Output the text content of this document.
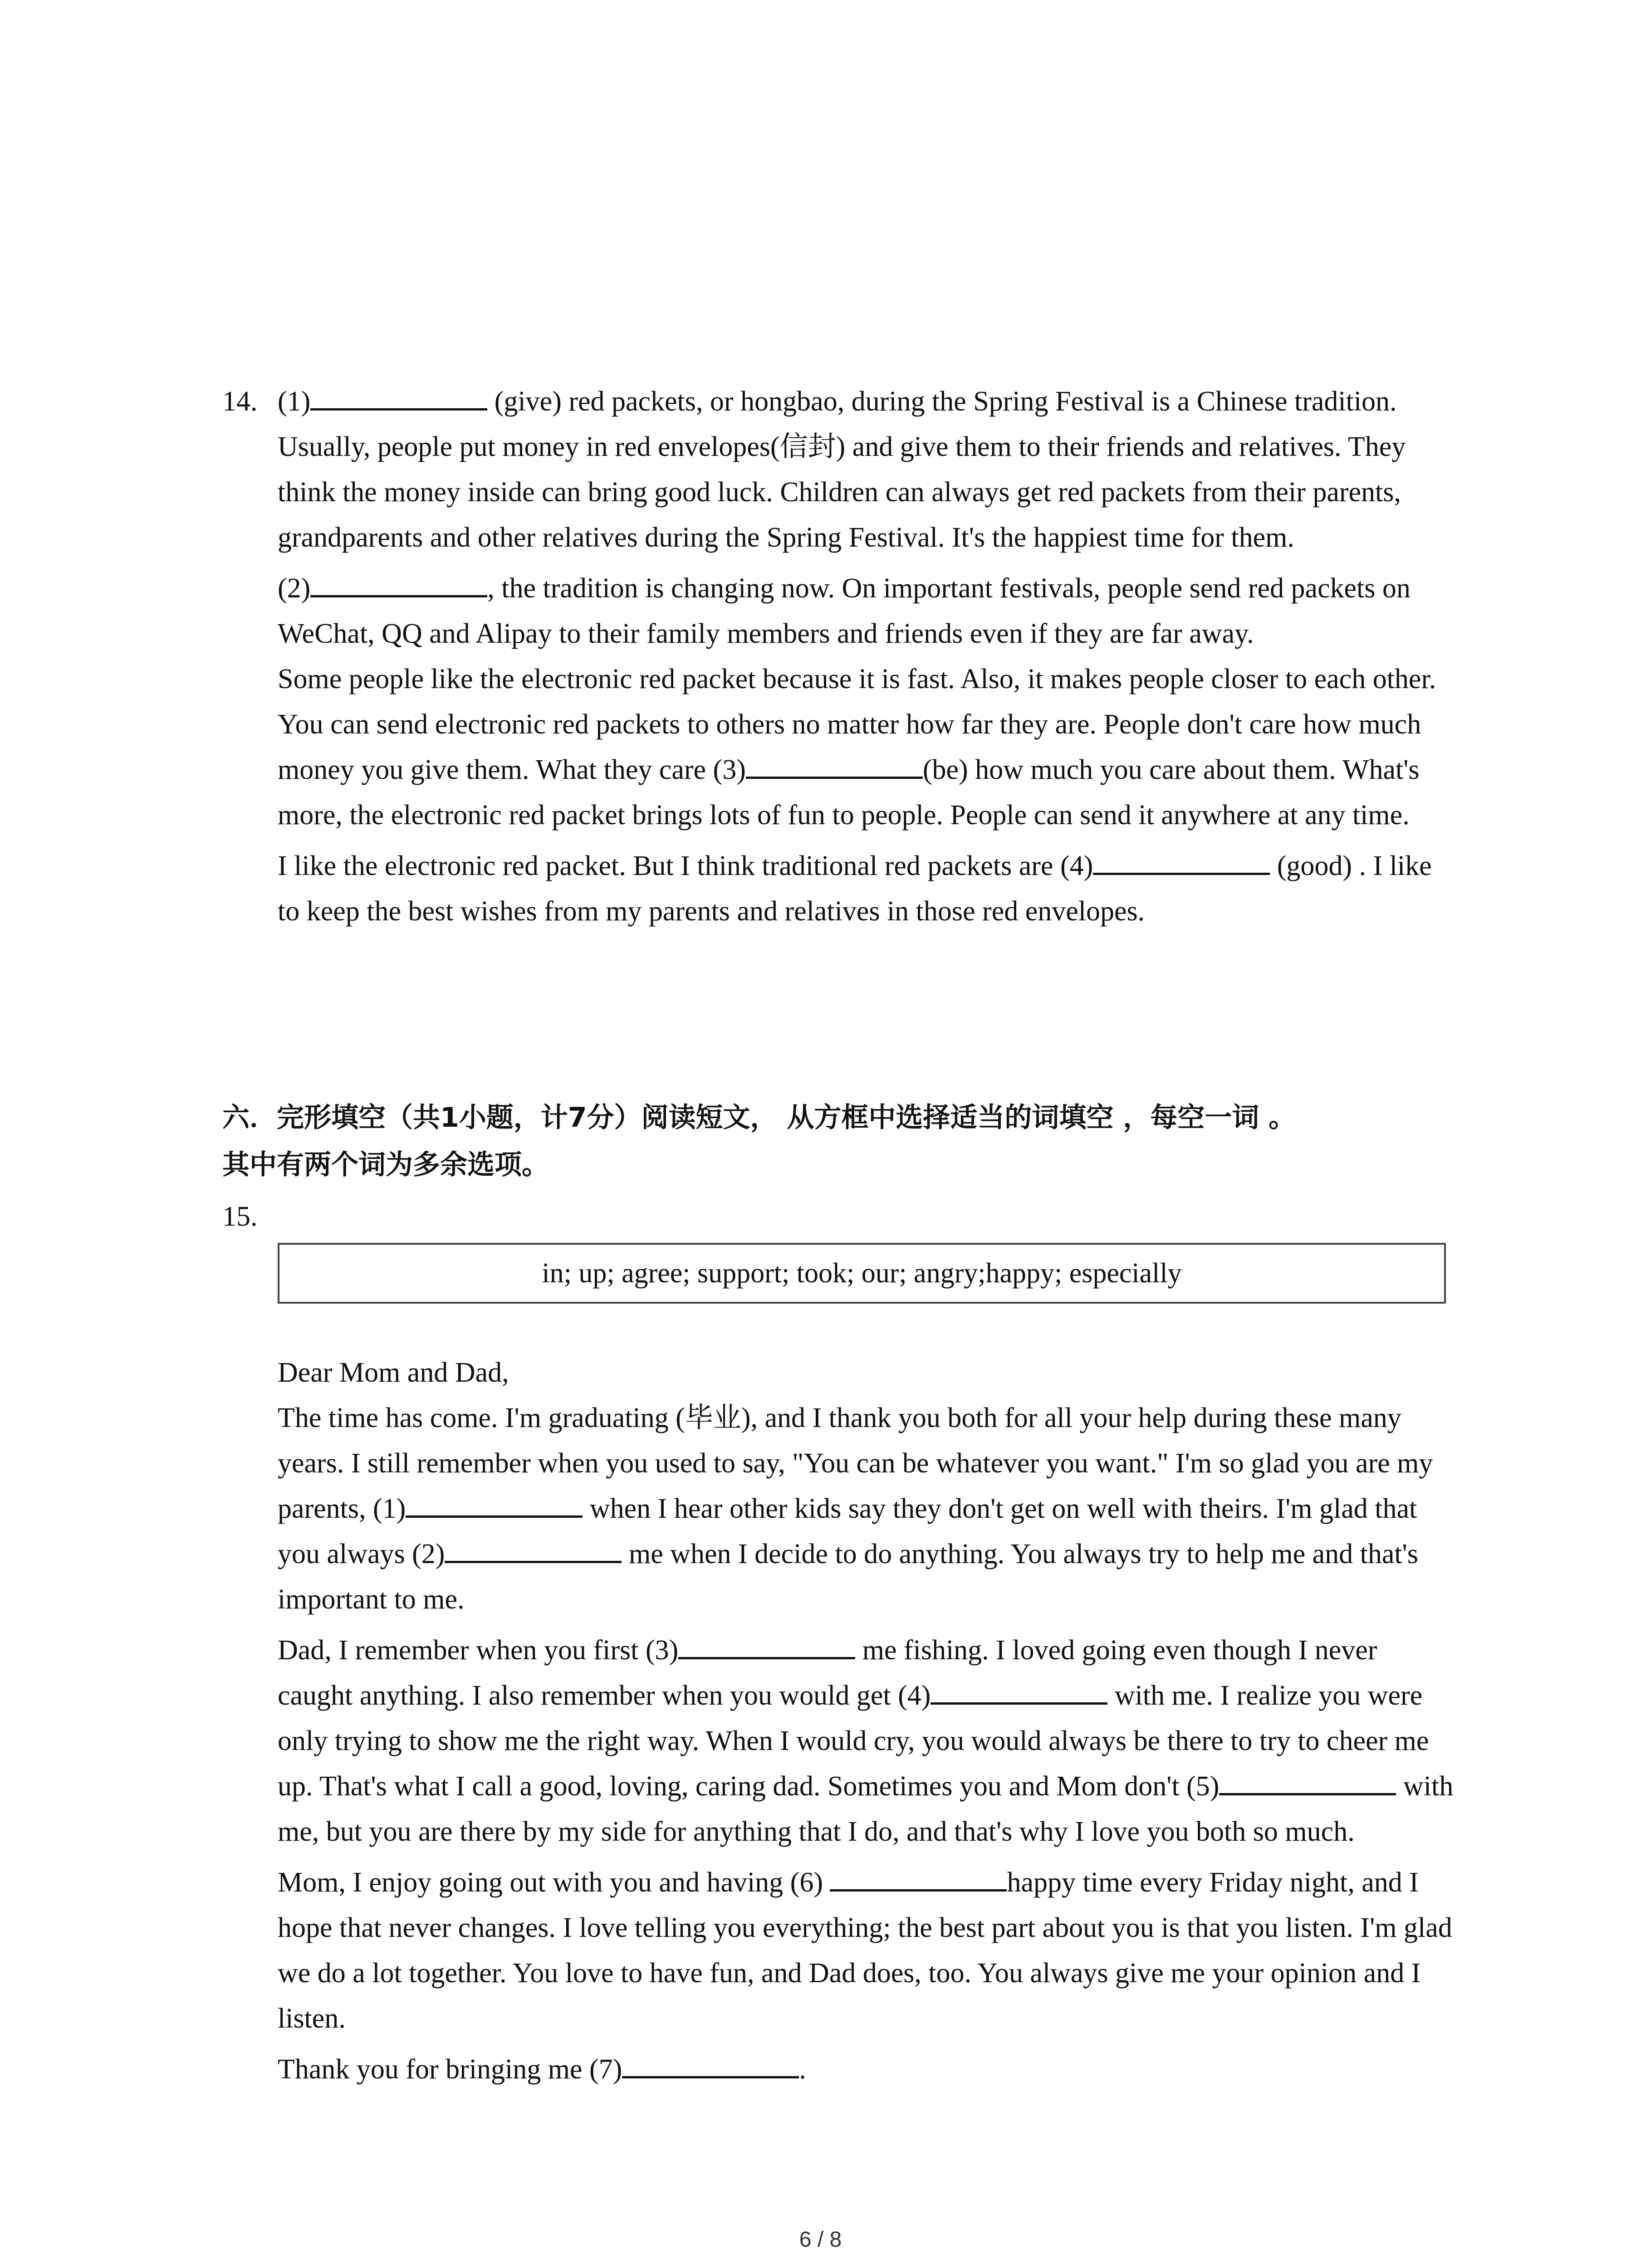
14. (1)	(give) red packets, or hongbao, during the Spring Festival is a Chinese tradition. Usually, people put money in red envelopes(信封) and give them to their friends and relatives. They think the money inside can bring good luck. Children can always get red packets from their parents, grandparents and other relatives during the Spring Festival. It's the happiest time for them.

(2)	, the tradition is changing now. On important festivals, people send red packets on WeChat, QQ and Alipay to their family members and friends even if they are far away.

Some people like the electronic red packet because it is fast. Also, it makes people closer to each other. You can send electronic red packets to others no matter how far they are. People don't care how much money you give them. What they care (3)	(be) how much you care about them. What's more, the electronic red packet brings lots of fun to people. People can send it anywhere at any time.

I like the electronic red packet. But I think traditional red packets are (4)	(good) . I like to keep the best wishes from my parents and relatives in those red envelopes.

六．完形填空（共1小题，计7分）阅读短文， 从方框中选择适当的词填空 ，每空一词 。
其中有两个词为多余选项。
15.
in; up; agree; support; took; our; angry;happy; especially

Dear Mom and Dad,

The time has come. I'm graduating (毕业), and I thank you both for all your help during these many years. I still remember when you used to say, "You can be whatever you want." I'm so glad you are my parents, (1)	when I hear other kids say they don't get on well with theirs. I'm glad that you always (2)	me when I decide to do anything. You always try to help me and that's important to me.

Dad, I remember when you first (3)	me fishing. I loved going even though I never caught anything. I also remember when you would get (4)	with me. I realize you were only trying to show me the right way. When I would cry, you would always be there to try to cheer me up. That's what I call a good, loving, caring dad. Sometimes you and Mom don't (5)	with me, but you are there by my side for anything that I do, and that's why I love you both so much.

Mom, I enjoy going out with you and having (6)	happy time every Friday night, and I hope that never changes. I love telling you everything; the best part about you is that you listen. I'm glad we do a lot together. You love to have fun, and Dad does, too. You always give me your opinion and I listen.

Thank you for bringing me (7)	.

6 / 8
